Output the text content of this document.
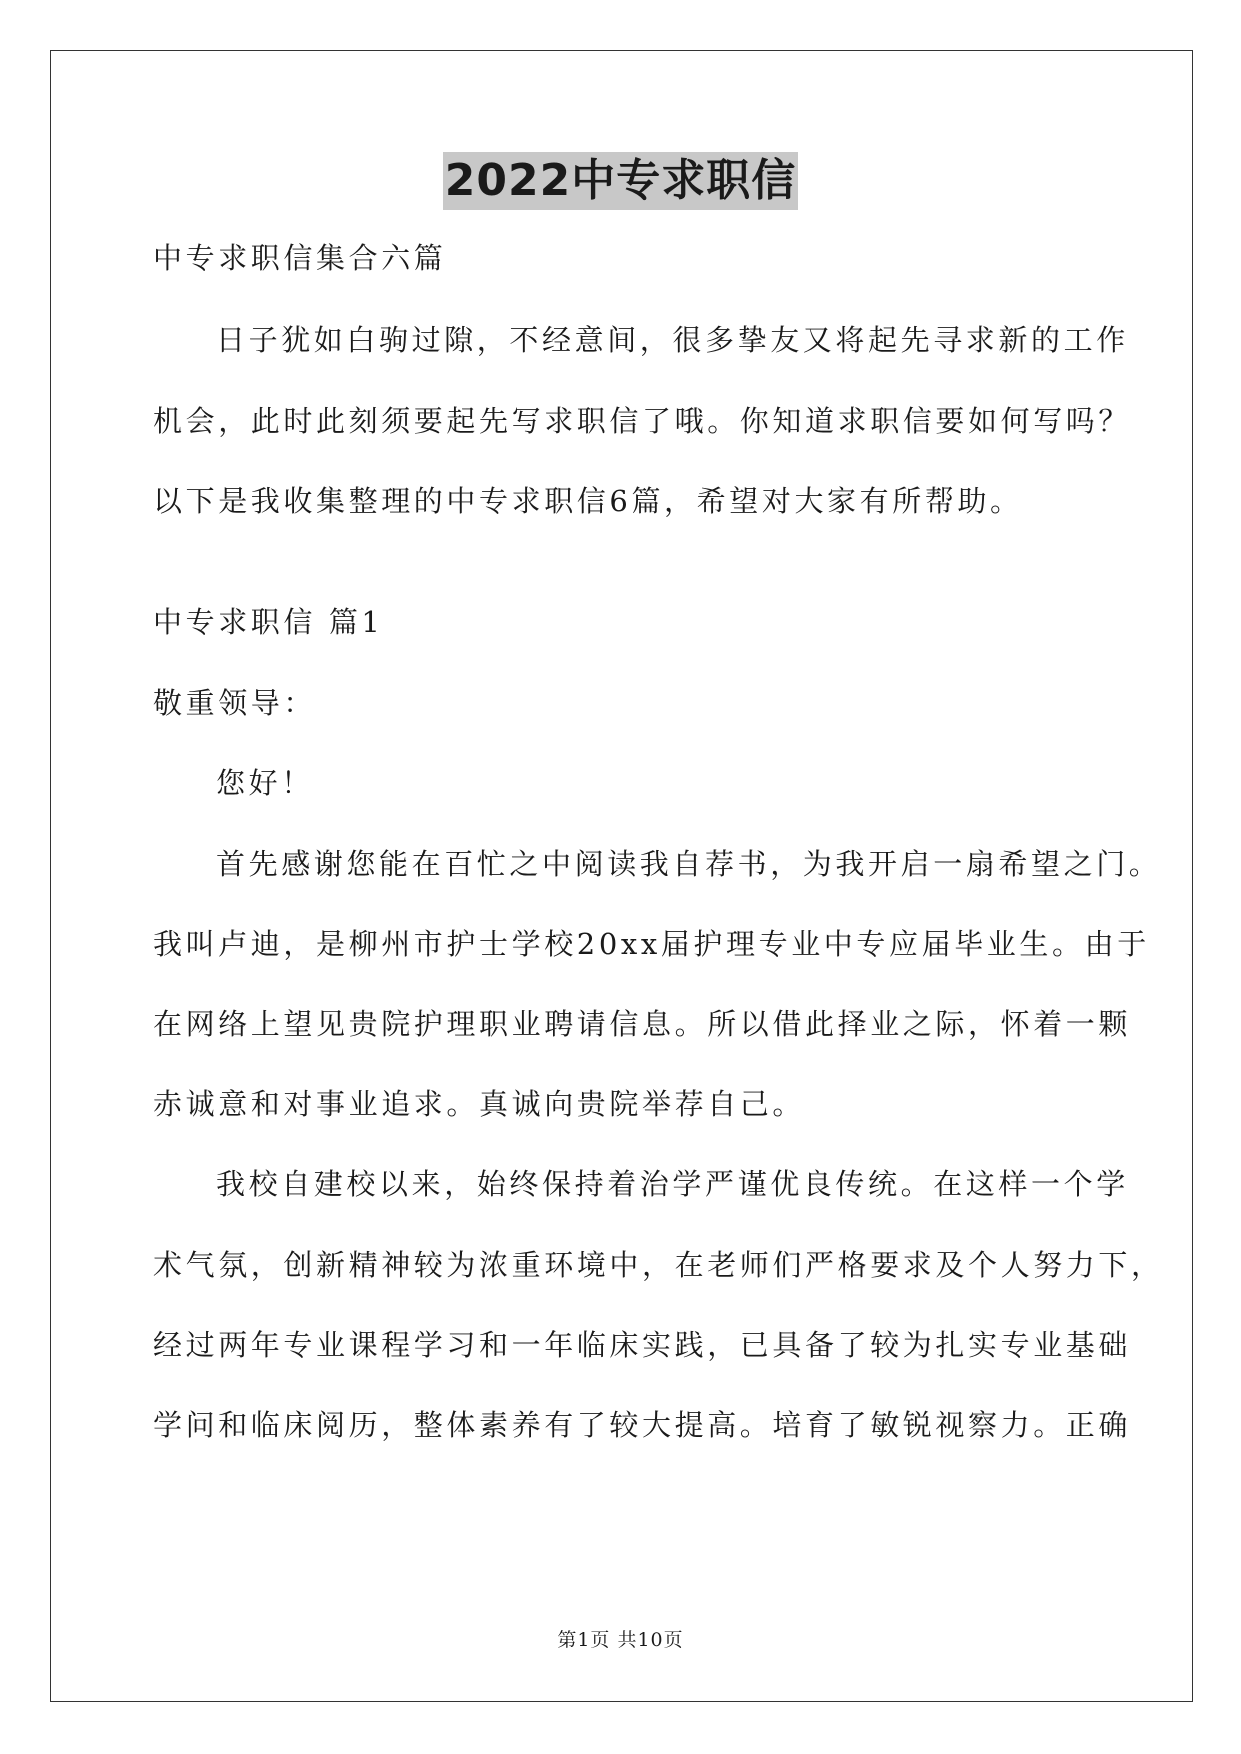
2022中专求职信
中专求职信集合六篇
日子犹如白驹过隙，不经意间，很多挚友又将起先寻求新的工作
机会，此时此刻须要起先写求职信了哦。你知道求职信要如何写吗？
以下是我收集整理的中专求职信6篇，希望对大家有所帮助。
中专求职信 篇1
敬重领导：
您好！
首先感谢您能在百忙之中阅读我自荐书，为我开启一扇希望之门。
我叫卢迪，是柳州市护士学校20xx届护理专业中专应届毕业生。由于
在网络上望见贵院护理职业聘请信息。所以借此择业之际，怀着一颗
赤诚意和对事业追求。真诚向贵院举荐自己。
我校自建校以来，始终保持着治学严谨优良传统。在这样一个学
术气氛，创新精神较为浓重环境中，在老师们严格要求及个人努力下，
经过两年专业课程学习和一年临床实践，已具备了较为扎实专业基础
学问和临床阅历，整体素养有了较大提高。培育了敏锐视察力。正确
第1页 共10页
